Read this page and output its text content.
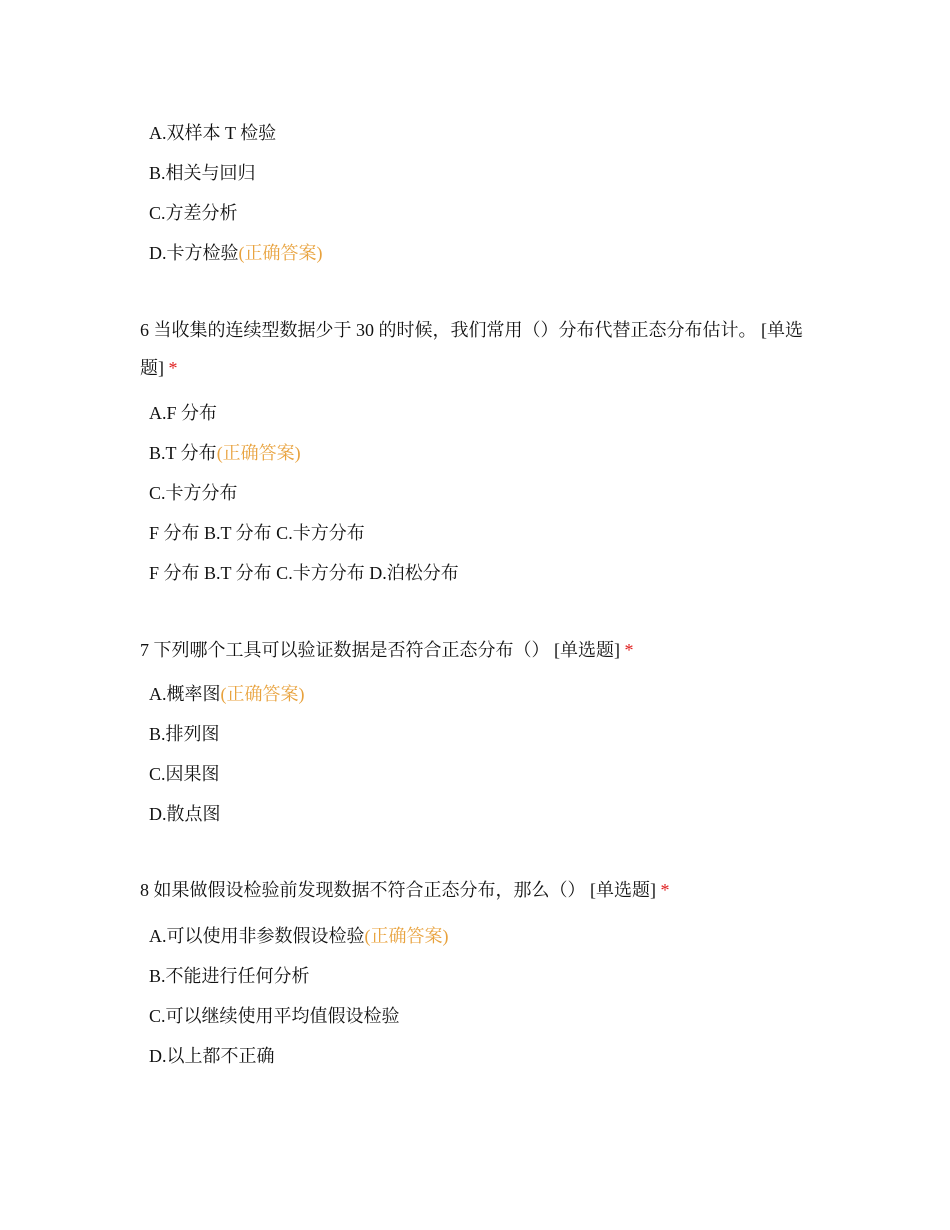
A.双样本 T 检验
B.相关与回归
C.方差分析
D.卡方检验(正确答案)
6 当收集的连续型数据少于 30 的时候，我们常用（）分布代替正态分布估计。 [单选题] *
A.F 分布
B.T 分布(正确答案)
C.卡方分布
F 分布 B.T 分布 C.卡方分布
F 分布 B.T 分布 C.卡方分布 D.泊松分布
7 下列哪个工具可以验证数据是否符合正态分布（） [单选题] *
A.概率图(正确答案)
B.排列图
C.因果图
D.散点图
8 如果做假设检验前发现数据不符合正态分布，那么（） [单选题] *
A.可以使用非参数假设检验(正确答案)
B.不能进行任何分析
C.可以继续使用平均值假设检验
D.以上都不正确
